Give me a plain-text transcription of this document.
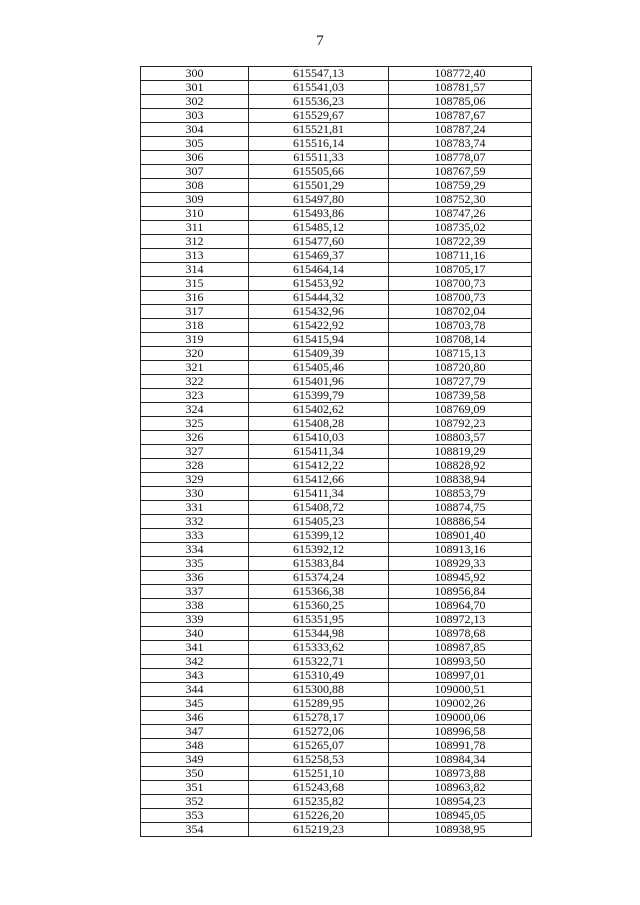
7
300	615547,13	108772,40
301	615541,03	108781,57
302	615536,23	108785,06
303	615529,67	108787,67
304	615521,81	108787,24
305	615516,14	108783,74
306	615511,33	108778,07
307	615505,66	108767,59
308	615501,29	108759,29
309	615497,80	108752,30
310	615493,86	108747,26
311	615485,12	108735,02
312	615477,60	108722,39
313	615469,37	108711,16
314	615464,14	108705,17
315	615453,92	108700,73
316	615444,32	108700,73
317	615432,96	108702,04
318	615422,92	108703,78
319	615415,94	108708,14
320	615409,39	108715,13
321	615405,46	108720,80
322	615401,96	108727,79
323	615399,79	108739,58
324	615402,62	108769,09
325	615408,28	108792,23
326	615410,03	108803,57
327	615411,34	108819,29
328	615412,22	108828,92
329	615412,66	108838,94
330	615411,34	108853,79
331	615408,72	108874,75
332	615405,23	108886,54
333	615399,12	108901,40
334	615392,12	108913,16
335	615383,84	108929,33
336	615374,24	108945,92
337	615366,38	108956,84
338	615360,25	108964,70
339	615351,95	108972,13
340	615344,98	108978,68
341	615333,62	108987,85
342	615322,71	108993,50
343	615310,49	108997,01
344	615300,88	109000,51
345	615289,95	109002,26
346	615278,17	109000,06
347	615272,06	108996,58
348	615265,07	108991,78
349	615258,53	108984,34
350	615251,10	108973,88
351	615243,68	108963,82
352	615235,82	108954,23
353	615226,20	108945,05
354	615219,23	108938,95
